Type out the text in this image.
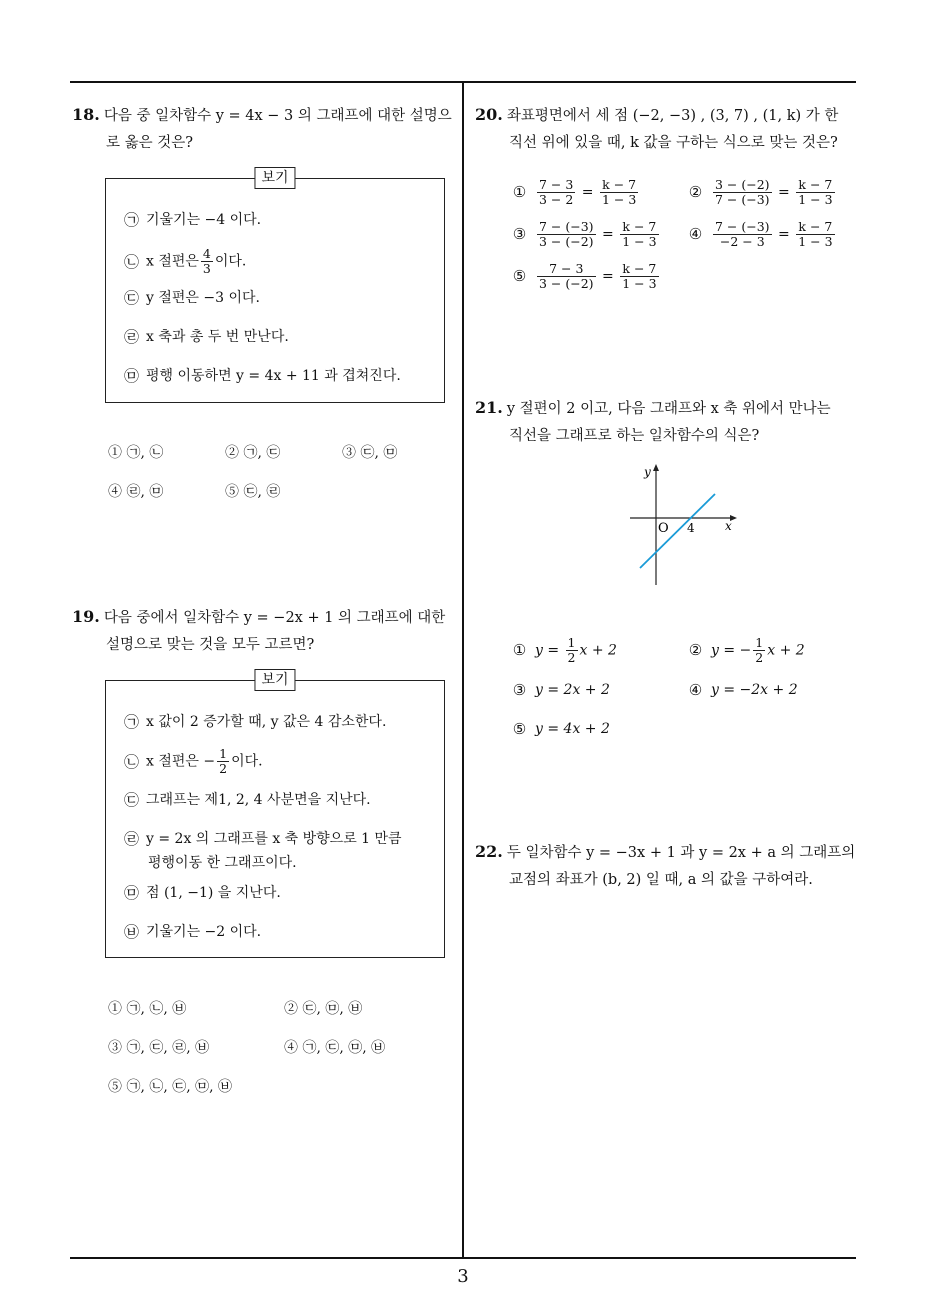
18. 다음 중 일차함수 y = 4x − 3 의 그래프에 대한 설명으
로 옳은 것은?
보기
㉠ 기울기는 −4 이다.
㉡ x 절편은 $\frac{4}{3}$ 이다.
㉢ y 절편은 −3 이다.
㉣ x 축과 총 두 번 만난다.
㉤ 평행 이동하면 y = 4x + 11 과 겹쳐진다.
① ㉠, ㉡	② ㉠, ㉢	③ ㉢, ㉤
④ ㉣, ㉤	⑤ ㉢, ㉣
19. 다음 중에서 일차함수 y = −2x + 1 의 그래프에 대한
설명으로 맞는 것을 모두 고르면?
보기
㉠ x 값이 2 증가할 때, y 값은 4 감소한다.
㉡ x 절편은 − $\frac{1}{2}$ 이다.
㉢ 그래프는 제1, 2, 4 사분면을 지난다.
㉣ y = 2x 의 그래프를 x 축 방향으로 1 만큼
평행이동 한 그래프이다.
㉤ 점 (1, −1) 을 지난다.
㉥ 기울기는 −2 이다.
① ㉠, ㉡, ㉥	② ㉢, ㉤, ㉥
③ ㉠, ㉢, ㉣, ㉥	④ ㉠, ㉢, ㉤, ㉥
⑤ ㉠, ㉡, ㉢, ㉤, ㉥
20. 좌표평면에서 세 점 (−2, −3) , (3, 7) , (1, k) 가 한
직선 위에 있을 때, k 값을 구하는 식으로 맞는 것은?
① $\frac{7 - 3}{3 - 2} = \frac{k - 7}{1 - 3}$	② $\frac{3 - (-2)}{7 - (-3)} = \frac{k - 7}{1 - 3}$
③ $\frac{7 - (-3)}{3 - (-2)} = \frac{k - 7}{1 - 3}$ ④ $\frac{7 - (-3)}{-2 - 3} = \frac{k - 7}{1 - 3}$
⑤ $\frac{7 - 3}{3 - (-2)} = \frac{k - 7}{1 - 3}$
21. y 절편이 2 이고, 다음 그래프와 x 축 위에서 만나는
직선을 그래프로 하는 일차함수의 식은?
y
x
O 4
① $y = \frac{1}{2}$ x + 2	② y = − $\frac{1}{2}$ x + 2
③ y = 2x + 2	④ y = −2x + 2
⑤ y = 4x + 2
22. 두 일차함수 y = −3x + 1 과 y = 2x + a 의 그래프의
교점의 좌표가 (b, 2) 일 때, a 의 값을 구하여라.
3
